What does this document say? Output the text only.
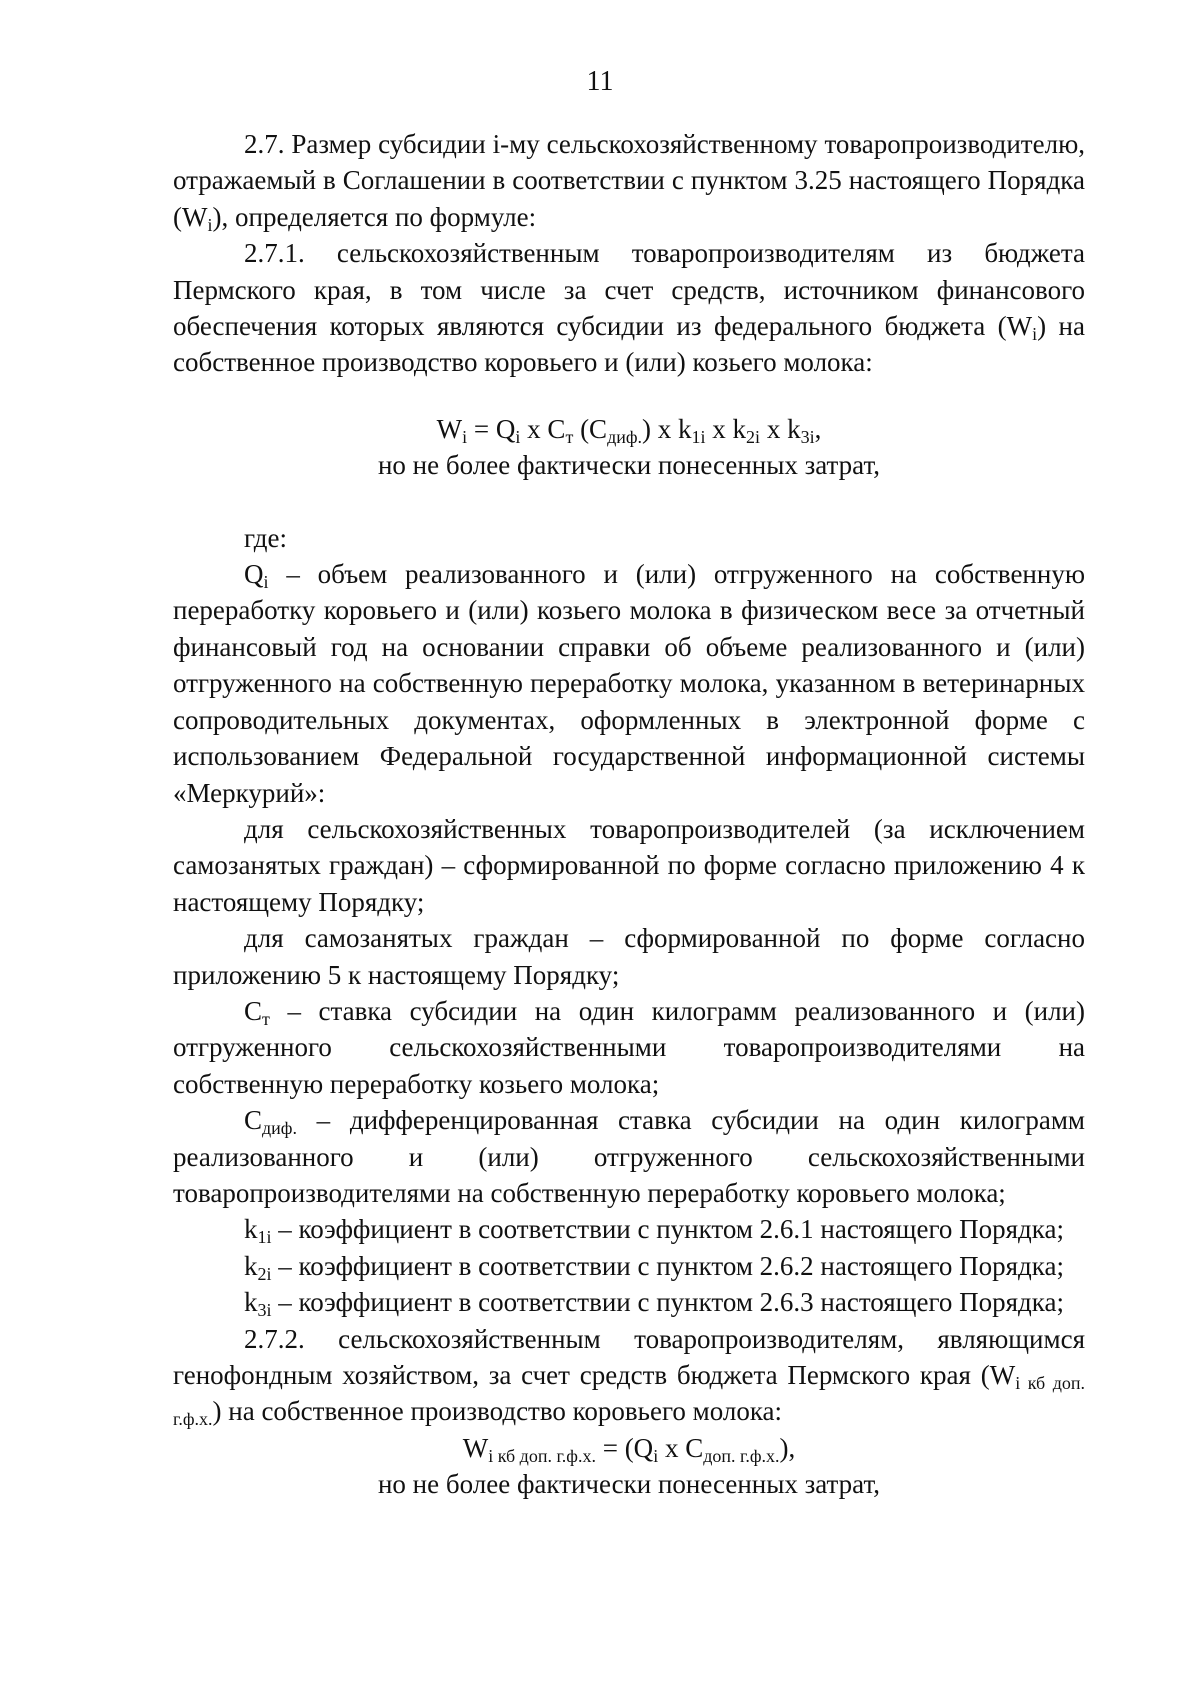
11

2.7. Размер субсидии i-му сельскохозяйственному товаропроизводителю, отражаемый в Соглашении в соответствии с пунктом 3.25 настоящего Порядка $(W_i)$, определяется по формуле:

2.7.1. сельскохозяйственным товаропроизводителям из бюджета Пермского края, в том числе за счет средств, источником финансового обеспечения которых являются субсидии из федерального бюджета $(W_i)$ на собственное производство коровьего и (или) козьего молока:

$W_i = Q_i$ x $C_т$ $(C_{диф.})$ x $k_{1i}$ x $k_{2i}$ x $k_{3i}$,

но не более фактически понесенных затрат,

где:

$Q_i$ – объем реализованного и (или) отгруженного на собственную переработку коровьего и (или) козьего молока в физическом весе за отчетный финансовый год на основании справки об объеме реализованного и (или) отгруженного на собственную переработку молока, указанном в ветеринарных сопроводительных документах, оформленных в электронной форме с использованием Федеральной государственной информационной системы «Меркурий»:

для сельскохозяйственных товаропроизводителей (за исключением самозанятых граждан) – сформированной по форме согласно приложению 4 к настоящему Порядку;

для самозанятых граждан – сформированной по форме согласно приложению 5 к настоящему Порядку;

$С_т$ – ставка субсидии на один килограмм реализованного и (или) отгруженного сельскохозяйственными товаропроизводителями на собственную переработку козьего молока;

$С_{диф.}$ – дифференцированная ставка субсидии на один килограмм реализованного и (или) отгруженного сельскохозяйственными товаропроизводителями на собственную переработку коровьего молока;

$k_{1i}$ – коэффициент в соответствии с пунктом 2.6.1 настоящего Порядка;

$k_{2i}$ – коэффициент в соответствии с пунктом 2.6.2 настоящего Порядка;

$k_{3i}$ – коэффициент в соответствии с пунктом 2.6.3 настоящего Порядка;

2.7.2. сельскохозяйственным товаропроизводителям, являющимся генофондным хозяйством, за счет средств бюджета Пермского края $(W_{i кб доп. г.ф.х.})$ на собственное производство коровьего молока:

$W_{i кб доп. г.ф.х.} = (Q_i$ x $C_{доп. г.ф.х.}$),

но не более фактически понесенных затрат,
